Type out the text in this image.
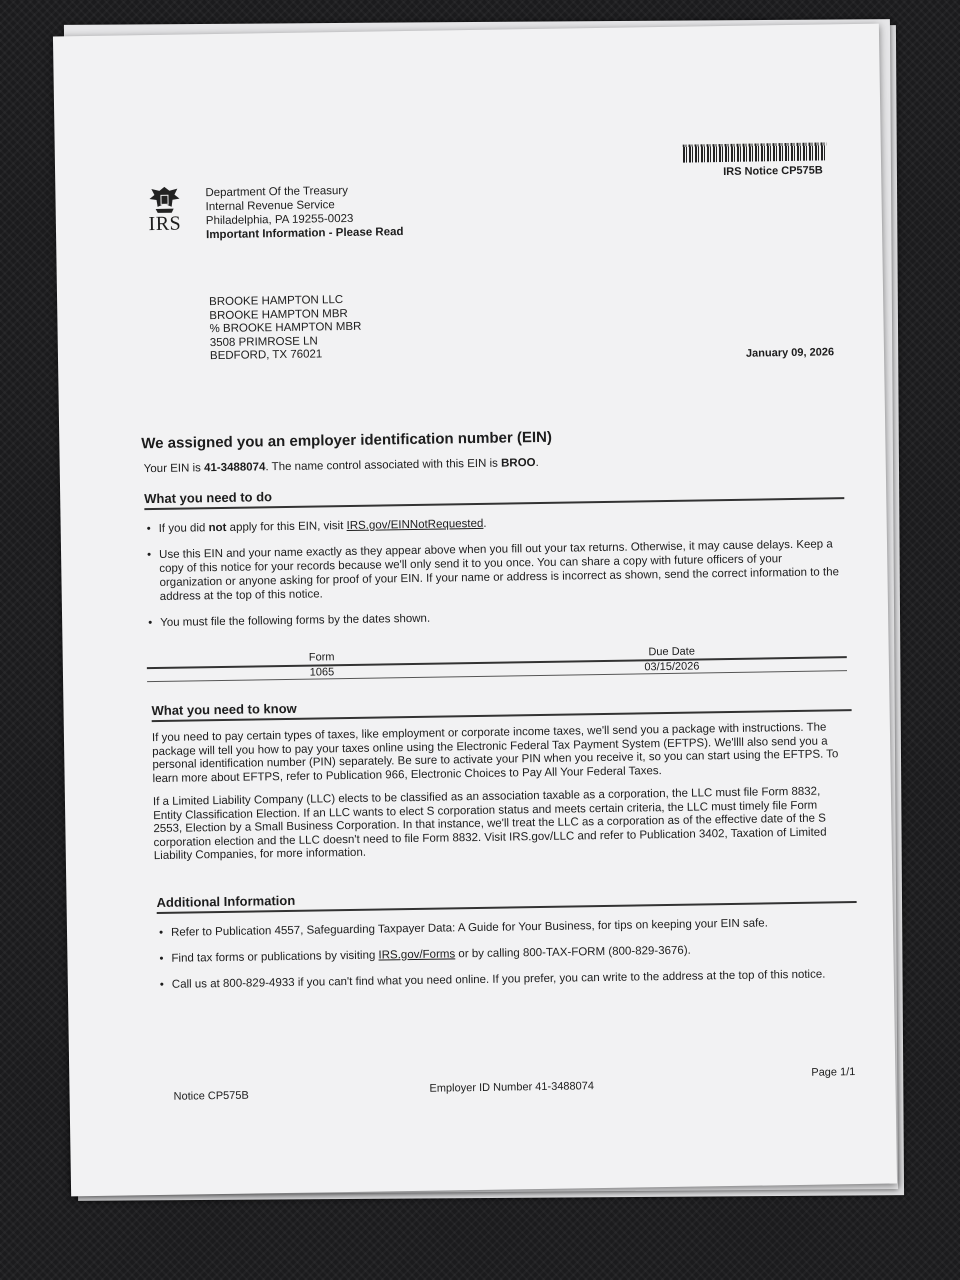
IRS Notice CP575B
IRS
Department Of the Treasury
Internal Revenue Service
Philadelphia, PA 19255-0023
Important Information - Please Read
BROOKE HAMPTON LLC
BROOKE HAMPTON MBR
% BROOKE HAMPTON MBR
3508 PRIMROSE LN
BEDFORD, TX 76021	January 09, 2026
We assigned you an employer identification number (EIN)
Your EIN is 41-3488074. The name control associated with this EIN is BROO.
What you need to do
• If you did not apply for this EIN, visit IRS.gov/EINNotRequested.
• Use this EIN and your name exactly as they appear above when you fill out your tax returns. Otherwise, it may cause delays. Keep a copy of this notice for your records because we'll only send it to you once. You can share a copy with future officers of your organization or anyone asking for proof of your EIN. If your name or address is incorrect as shown, send the correct information to the address at the top of this notice.
• You must file the following forms by the dates shown.
Form	Due Date
1065	03/15/2026
What you need to know
If you need to pay certain types of taxes, like employment or corporate income taxes, we'll send you a package with instructions. The package will tell you how to pay your taxes online using the Electronic Federal Tax Payment System (EFTPS). We'llll also send you a personal identification number (PIN) separately. Be sure to activate your PIN when you receive it, so you can start using the EFTPS. To learn more about EFTPS, refer to Publication 966, Electronic Choices to Pay All Your Federal Taxes.
If a Limited Liability Company (LLC) elects to be classified as an association taxable as a corporation, the LLC must file Form 8832, Entity Classification Election. If an LLC wants to elect S corporation status and meets certain criteria, the LLC must timely file Form 2553, Election by a Small Business Corporation. In that instance, we'll treat the LLC as a corporation as of the effective date of the S corporation election and the LLC doesn't need to file Form 8832. Visit IRS.gov/LLC and refer to Publication 3402, Taxation of Limited Liability Companies, for more information.
Additional Information
• Refer to Publication 4557, Safeguarding Taxpayer Data: A Guide for Your Business, for tips on keeping your EIN safe.
• Find tax forms or publications by visiting IRS.gov/Forms or by calling 800-TAX-FORM (800-829-3676).
• Call us at 800-829-4933 if you can't find what you need online. If you prefer, you can write to the address at the top of this notice.
Notice CP575B
Employer ID Number 41-3488074
Page 1/1
